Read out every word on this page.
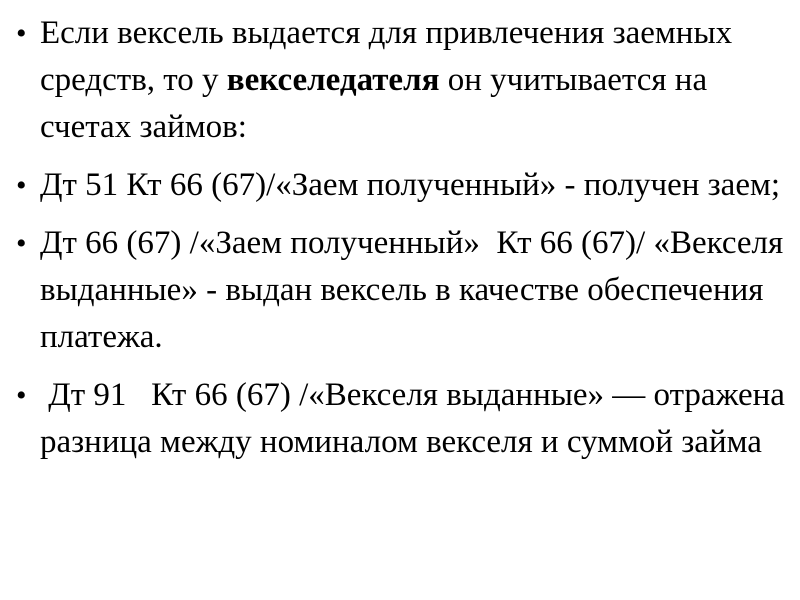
• Если вексель выдается для привлечения заемных средств, то у векселедателя он учитывается на счетах займов:
• Дт 51 Кт 66 (67)/«Заем полученный» - получен заем;
• Дт 66 (67) /«Заем полученный»  Кт 66 (67)/ «Векселя выданные» - выдан вексель в качестве обеспечения платежа.
• Дт 91   Кт 66 (67) /«Векселя выданные» — отражена разница между номиналом векселя и суммой займа
